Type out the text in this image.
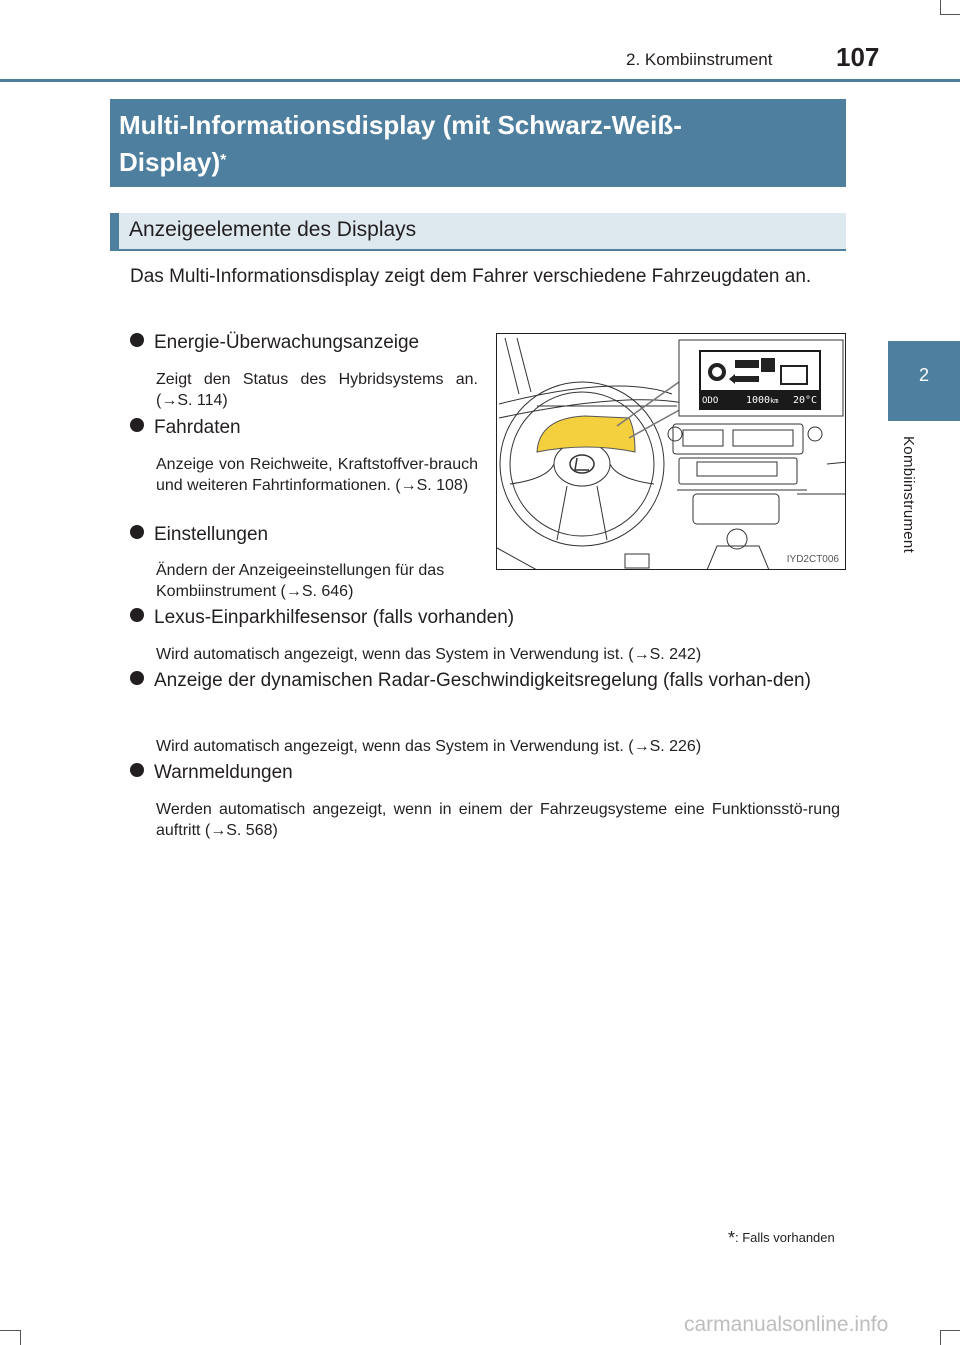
2. Kombiinstrument 107
2
Kombiinstrument
Multi-Informationsdisplay (mit Schwarz-Weiß-
Display)*
Anzeigeelemente des Displays
Das Multi-Informationsdisplay zeigt dem Fahrer verschiedene Fahrzeugdaten an.
Energie-Überwachungsanzeige
Zeigt den Status des Hybridsystems an. (→S. 114)
Fahrdaten
Anzeige von Reichweite, Kraftstoffver-brauch und weiteren Fahrtinformationen. (→S. 108)
Einstellungen
Ändern der Anzeigeeinstellungen für das Kombiinstrument (→S. 646)
Lexus-Einparkhilfesensor (falls vorhanden)
Wird automatisch angezeigt, wenn das System in Verwendung ist. (→S. 242)
Anzeige der dynamischen Radar-Geschwindigkeitsregelung (falls vorhan-den)
Wird automatisch angezeigt, wenn das System in Verwendung ist. (→S. 226)
Warnmeldungen
Werden automatisch angezeigt, wenn in einem der Fahrzeugsysteme eine Funktionsstö-rung auftritt (→S. 568)
ODO	1000km 20°C
IYD2CT006
*: Falls vorhanden
carmanualsonline.info
